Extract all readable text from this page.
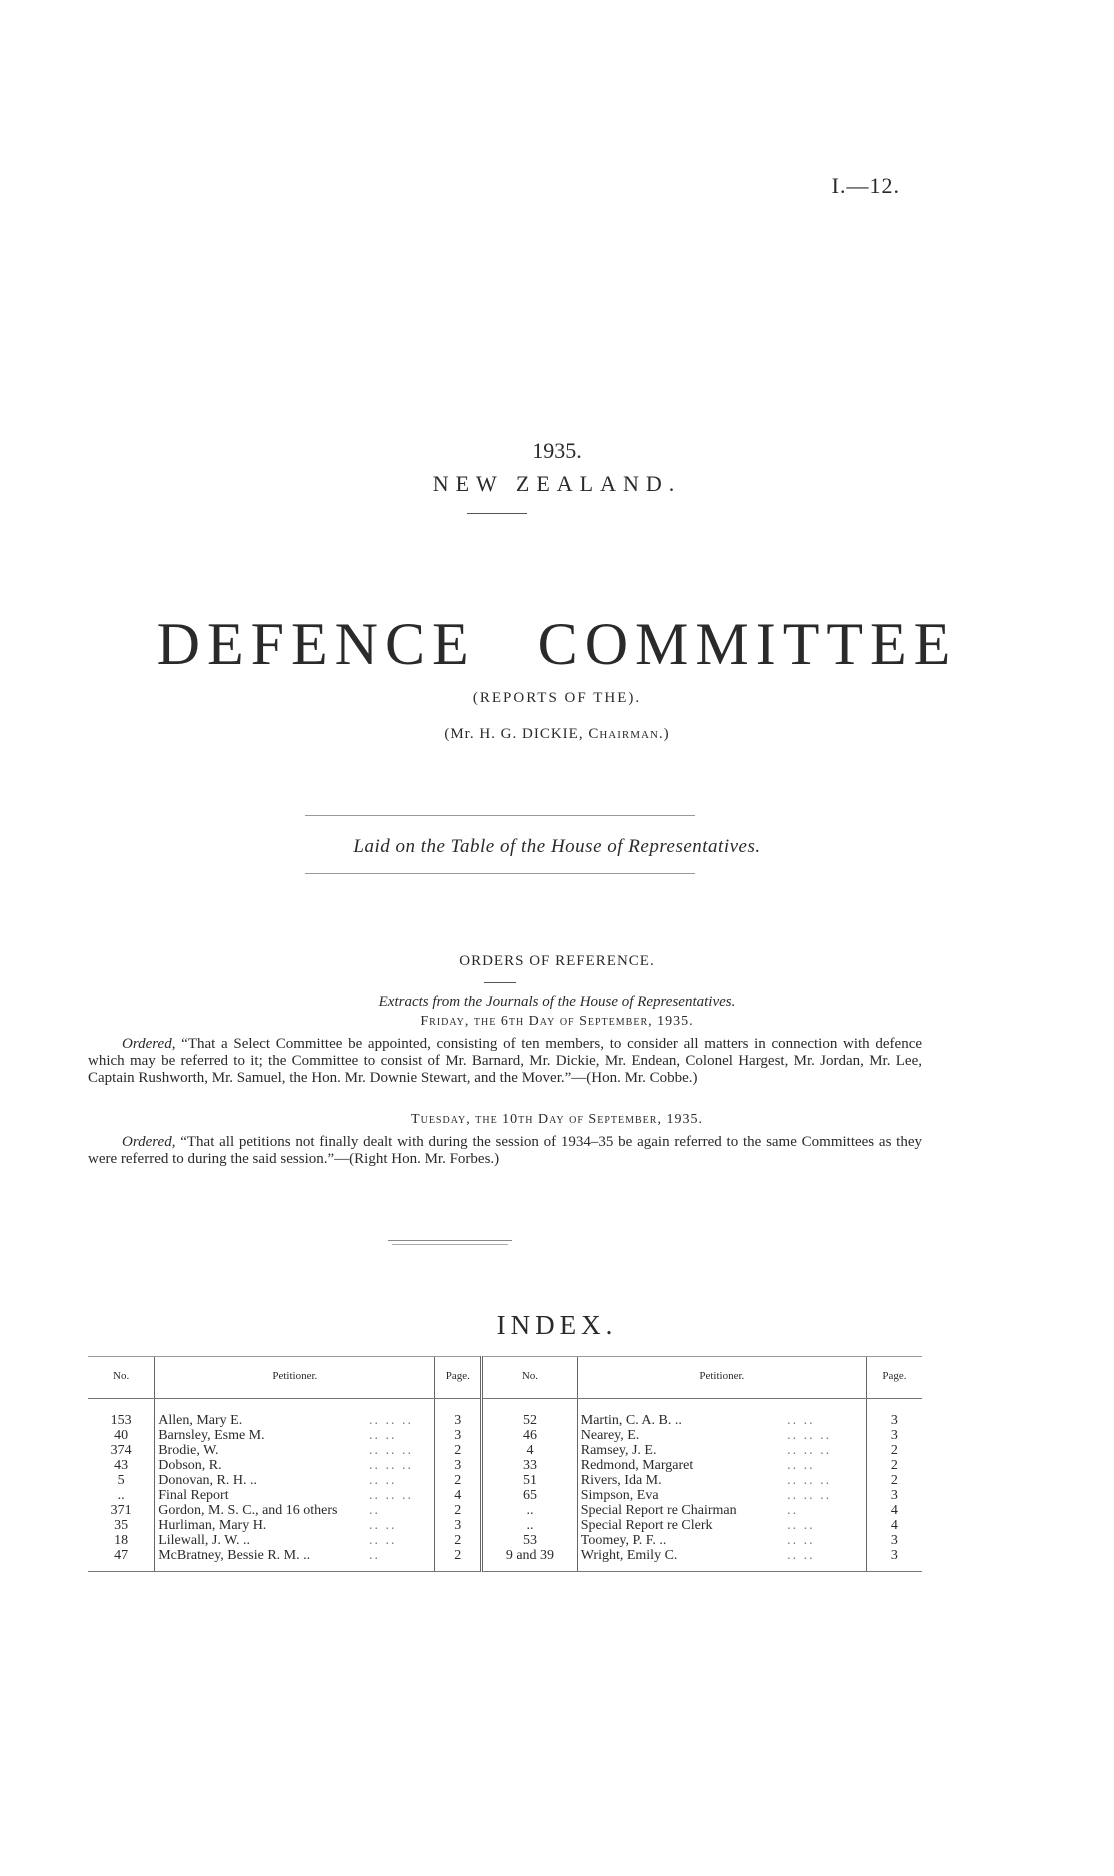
I.—12.
1935.
NEW ZEALAND.
DEFENCE COMMITTEE
(REPORTS OF THE).
(Mr. H. G. DICKIE, Chairman.)
Laid on the Table of the House of Representatives.
ORDERS OF REFERENCE.
Extracts from the Journals of the House of Representatives.
Friday, the 6th Day of September, 1935.
Ordered, “That a Select Committee be appointed, consisting of ten members, to consider all matters in connection with defence which may be referred to it; the Committee to consist of Mr. Barnard, Mr. Dickie, Mr. Endean, Colonel Hargest, Mr. Jordan, Mr. Lee, Captain Rushworth, Mr. Samuel, the Hon. Mr. Downie Stewart, and the Mover.”—(Hon. Mr. Cobbe.)
Tuesday, the 10th Day of September, 1935.
Ordered, “That all petitions not finally dealt with during the session of 1934–35 be again referred to the same Committees as they were referred to during the said session.”—(Right Hon. Mr. Forbes.)
INDEX.
No.	Petitioner.		Page.	No.	Petitioner.		Page.
153	Allen, Mary E.	.. .. ..	3	52	Martin, C. A. B. ..	.. ..	3
40	Barnsley, Esme M.	.. ..	3	46	Nearey, E.	.. .. ..	3
374	Brodie, W.	.. .. ..	2	4	Ramsey, J. E.	.. .. ..	2
43	Dobson, R.	.. .. ..	3	33	Redmond, Margaret	.. ..	2
5	Donovan, R. H. ..	.. ..	2	51	Rivers, Ida M.	.. .. ..	2
..	Final Report	.. .. ..	4	65	Simpson, Eva	.. .. ..	3
371	Gordon, M. S. C., and 16 others	..	2	..	Special Report re Chairman	..	4
35	Hurliman, Mary H.	.. ..	3	..	Special Report re Clerk	.. ..	4
18	Lilewall, J. W. ..	.. ..	2	53	Toomey, P. F. ..	.. ..	3
47	McBratney, Bessie R. M. ..	..	2	9 and 39	Wright, Emily C.	.. ..	3
